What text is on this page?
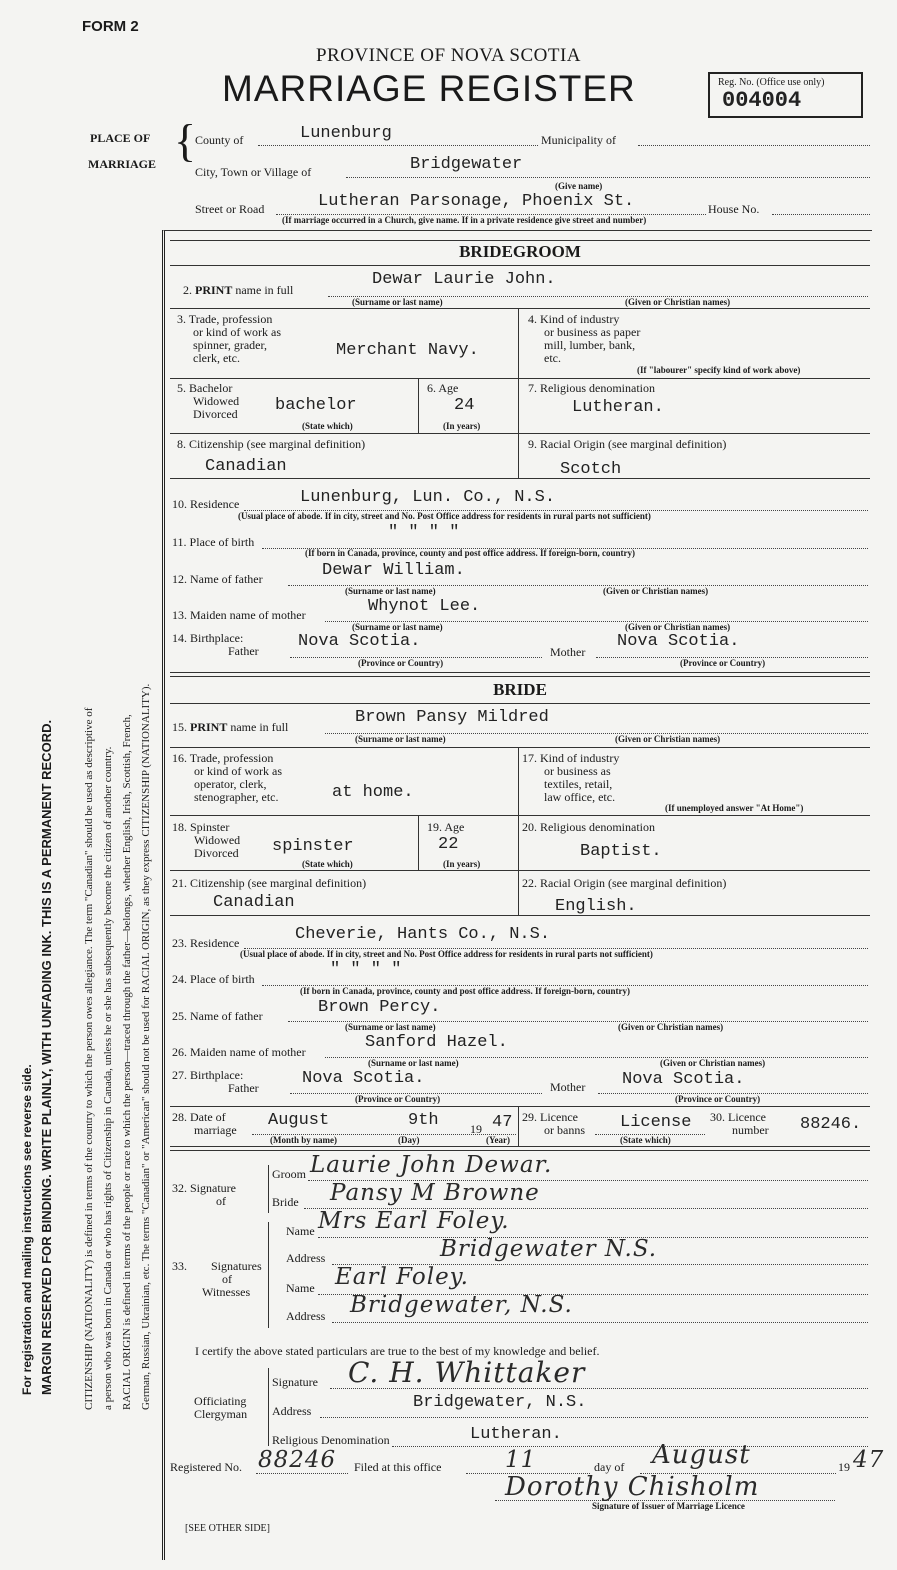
FORM 2
PROVINCE OF NOVA SCOTIA
MARRIAGE REGISTER	Reg. No. (Office use only)
004004
PLACE OF
MARRIAGE {
County of	Lunenburg	Municipality of
City, Town or Village of	Bridgewater
(Give name)
Street or Road	Lutheran Parsonage, Phoenix St.	House No.
(If marriage occurred in a Church, give name. If in a private residence give street and number)
For registration and mailing instructions see reverse side. MARGIN RESERVED FOR BINDING. WRITE PLAINLY, WITH UNFADING INK. THIS IS A PERMANENT RECORD.	CITIZENSHIP (NATIONALITY) is defined in terms of the country to which the person owes allegiance. The term "Canadian" should be used as descriptive of a person who was born in Canada or who has rights of Citizenship in Canada, unless he or she has subsequently become the citizen of another country. RACIAL ORIGIN is defined in terms of the people or race to which the person—traced through the father—belongs, whether English, Irish, Scottish, French, German, Russian, Ukrainian, etc. The terms "Canadian" or "American" should not be used for RACIAL ORIGIN, as they express CITIZENSHIP (NATIONALITY).
BRIDEGROOM
2. PRINT name in full
Dewar Laurie John.
(Surname or last name)	(Given or Christian names)
3. Trade, profession
or kind of work as
spinner, grader,
clerk, etc.	Merchant Navy.
4. Kind of industry
or business as paper
mill, lumber, bank,
etc.
(If "labourer" specify kind of work above)
5. Bachelor
Widowed
Divorced bachelor
(State which)
6. Age
24
(In years)
7. Religious denomination
Lutheran.
8. Citizenship (see marginal definition)
Canadian
9. Racial Origin (see marginal definition)
Scotch
10. Residence	Lunenburg, Lun. Co., N.S.
(Usual place of abode. If in city, street and No. Post Office address for residents in rural parts not sufficient)
11. Place of birth	" " " "
(If born in Canada, province, county and post office address. If foreign-born, country)
12. Name of father	Dewar William.
(Surname or last name)	(Given or Christian names)
13. Maiden name of mother	Whynot Lee.
(Surname or last name)	(Given or Christian names)
14. Birthplace:
Father Nova Scotia.
Mother
Nova Scotia.
(Province or Country)	(Province or Country)
BRIDE
15. PRINT name in full	Brown Pansy Mildred
(Surname or last name)	(Given or Christian names)
16. Trade, profession
or kind of work as
operator, clerk,
stenographer, etc.	at home.
17. Kind of industry
or business as
textiles, retail,
law office, etc.
(If unemployed answer "At Home")
18. Spinster
Widowed
Divorced spinster
(State which)
19. Age
22
(In years)
20. Religious denomination
Baptist.
21. Citizenship (see marginal definition)
Canadian
22. Racial Origin (see marginal definition)
English.
23. Residence	Cheverie, Hants Co., N.S.
(Usual place of abode. If in city, street and No. Post Office address for residents in rural parts not sufficient)
24. Place of birth	" " " "
(If born in Canada, province, county and post office address. If foreign-born, country)
25. Name of father	Brown Percy.
(Surname or last name)	(Given or Christian names)
26. Maiden name of mother	Sanford Hazel.
(Surname or last name)	(Given or Christian names)
27. Birthplace:
Father	Nova Scotia.	Mother Nova Scotia.
(Province or Country)	(Province or Country)
28. Date of
marriage August	9th	19 47
(Month by name)	(Day)	(Year)
29. Licence
or banns License
(State which)
30. Licence
number 88246.
32. Signature
of
Groom Laurie John Dewar.
Bride Pansy M Browne
33. Signatures
of
Witnesses
Name Mrs Earl Foley.
Address	Bridgewater N.S.
Name Earl Foley.
Address Bridgewater, N.S.
I certify the above stated particulars are true to the best of my knowledge and belief.
Officiating
Clergyman
Signature C. H. Whittaker
Address	Bridgewater, N.S.
Religious Denomination	Lutheran.
Registered No. 88246 Filed at this office	11	day of August	19 47
Dorothy Chisholm
Signature of Issuer of Marriage Licence
[SEE OTHER SIDE]
